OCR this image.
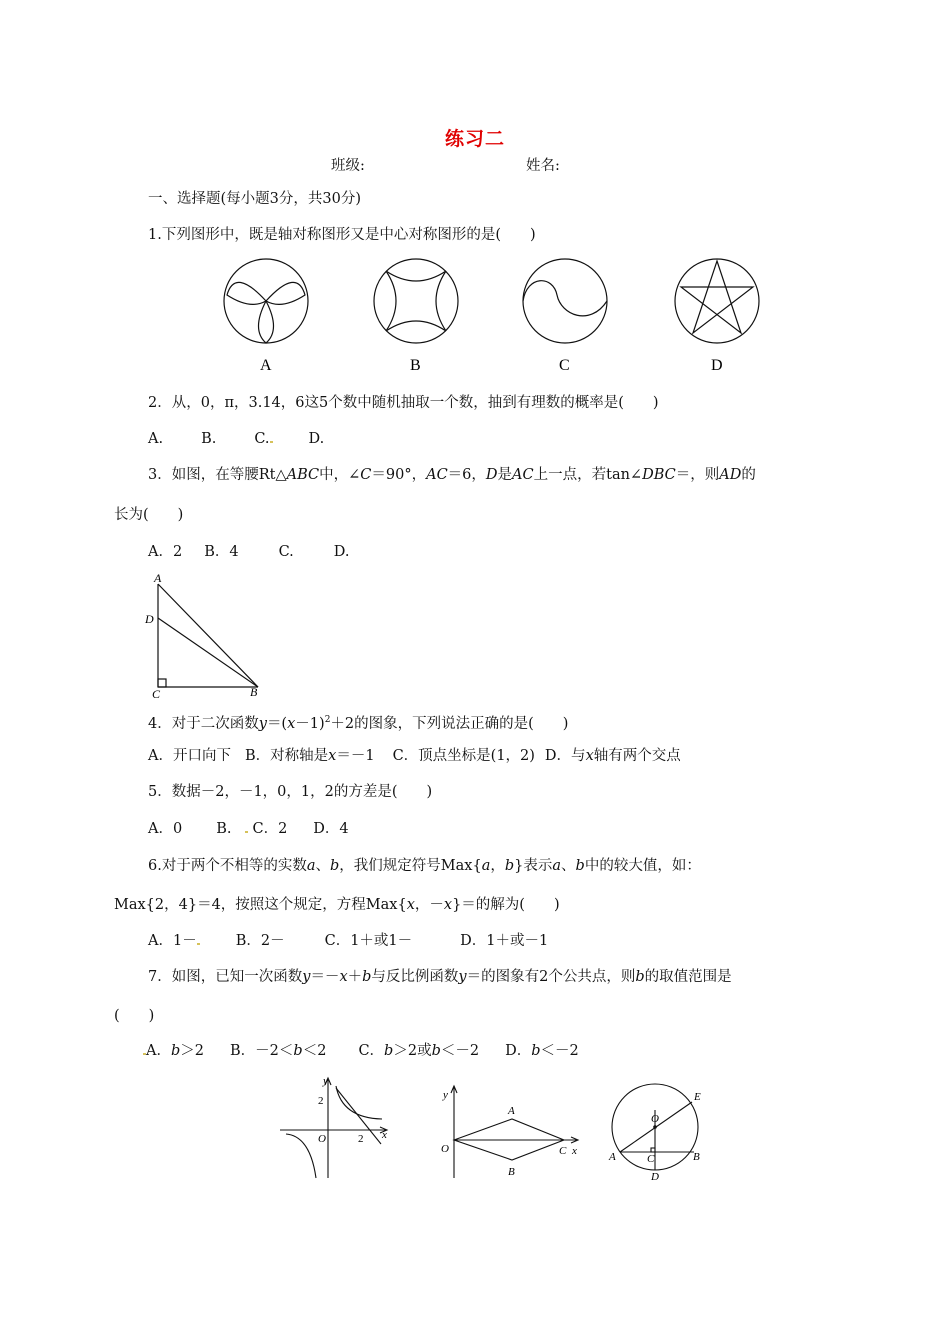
练习二
班级:	姓名:
一、选择题(每小题3分，共30分)
1.下列图形中，既是轴对称图形又是中心对称图形的是(　　)
A	B	C	D
2．从，0，π，3.14，6这5个数中随机抽取一个数，抽到有理数的概率是(　　)
A.	B.	C.	D.
3．如图，在等腰Rt△ABC中，∠C＝90°，AC＝6，D是AC上一点，若tan∠DBC＝，则AD的
长为(　　)
A．2 B．4	C.	D.
A
D
C	B
4．对于二次函数$y=(x-1)^2+2$的图象，下列说法正确的是(　　)
A．开口向下 B．对称轴是x＝－1 C．顶点坐标是(1，2) D．与x轴有两个交点
5．数据－2，－1，0，1，2的方差是(　　)
A．0 B. C．2 D．4
6.对于两个不相等的实数a、b，我们规定符号Max{a，b}表示a、b中的较大值，如：
Max{2，4}＝4，按照这个规定，方程Max{x，－x}＝的解为(　　)
A．1－	B．2－	C．1＋或1－	D．1＋或－1
7．如图，已知一次函数y＝－x＋b与反比例函数y＝的图象有2个公共点，则b的取值范围是
(　　)
A．b＞2 B．－2＜b＜2 C．b＞2或b＜－2 D．b＜－2
y
2
O	2 x
y
A
O	C x
B
O
E
A	C	B
D
